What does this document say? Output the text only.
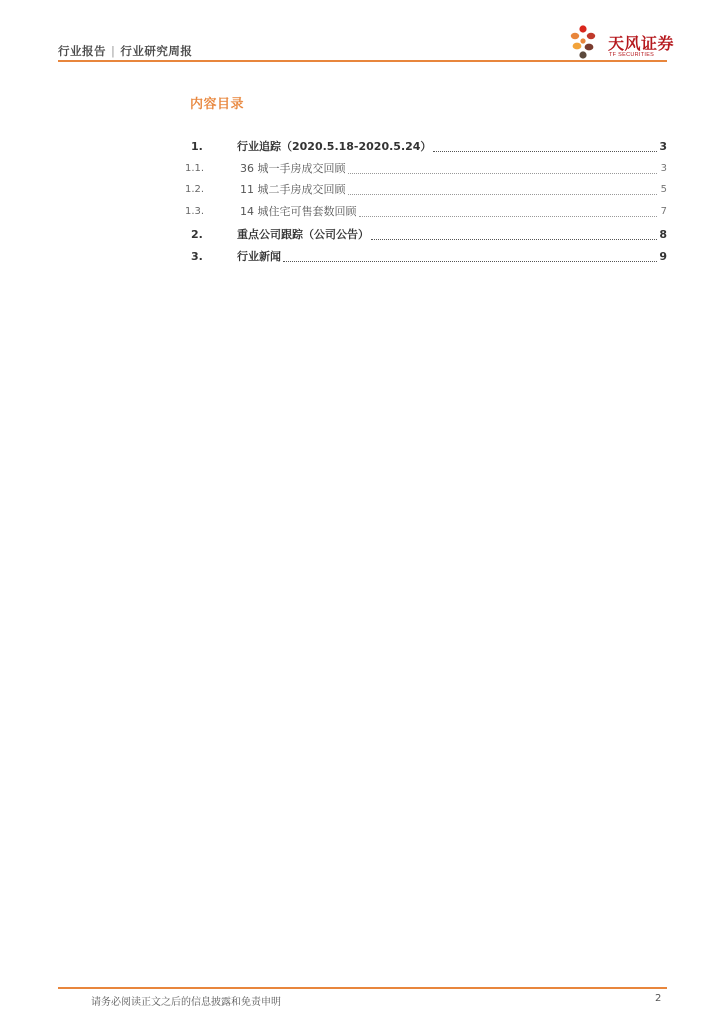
行业报告 | 行业研究周报	天风证券
TF SECURITIES
内容目录
1.	行业追踪（2020.5.18-2020.5.24）	3
1.1.	36 城一手房成交回顾	3
1.2.	11 城二手房成交回顾	5
1.3.	14 城住宅可售套数回顾	7
2.	重点公司跟踪（公司公告）	8
3.	行业新闻	9
请务必阅读正文之后的信息披露和免责申明	2
